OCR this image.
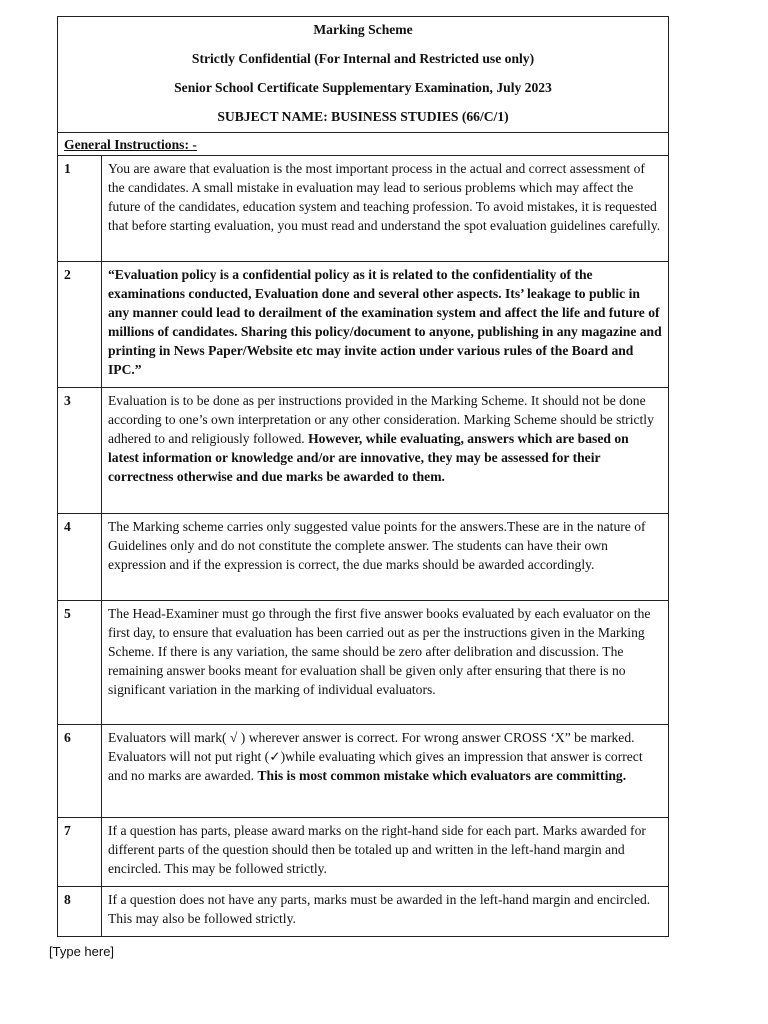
Marking Scheme

Strictly Confidential (For Internal and Restricted use only)

Senior School Certificate Supplementary Examination, July 2023

SUBJECT NAME: BUSINESS STUDIES (66/C/1)	

General Instructions: -	
1	You are aware that evaluation is the most important process in the actual and correct assessment of the candidates. A small mistake in evaluation may lead to serious problems which may affect the future of the candidates, education system and teaching profession. To avoid mistakes, it is requested that before starting evaluation, you must read and understand the spot evaluation guidelines carefully.
2	“Evaluation policy is a confidential policy as it is related to the confidentiality of the examinations conducted, Evaluation done and several other aspects. Its’ leakage to public in any manner could lead to derailment of the examination system and affect the life and future of millions of candidates. Sharing this policy/document to anyone, publishing in any magazine and printing in News Paper/Website etc may invite action under various rules of the Board and IPC.”
3	Evaluation is to be done as per instructions provided in the Marking Scheme. It should not be done according to one’s own interpretation or any other consideration. Marking Scheme should be strictly adhered to and religiously followed. However, while evaluating, answers which are based on latest information or knowledge and/or are innovative, they may be assessed for their correctness otherwise and due marks be awarded to them.
4	The Marking scheme carries only suggested value points for the answers.These are in the nature of Guidelines only and do not constitute the complete answer. The students can have their own expression and if the expression is correct, the due marks should be awarded accordingly.
5	The Head-Examiner must go through the first five answer books evaluated by each evaluator on the first day, to ensure that evaluation has been carried out as per the instructions given in the Marking Scheme. If there is any variation, the same should be zero after delibration and discussion. The remaining answer books meant for evaluation shall be given only after ensuring that there is no significant variation in the marking of individual evaluators.
6	Evaluators will mark( √ ) wherever answer is correct. For wrong answer CROSS ‘X” be marked. Evaluators will not put right (✓)while evaluating which gives an impression that answer is correct and no marks are awarded. This is most common mistake which evaluators are committing.
7	If a question has parts, please award marks on the right-hand side for each part. Marks awarded for different parts of the question should then be totaled up and written in the left-hand margin and encircled. This may be followed strictly.
8	If a question does not have any parts, marks must be awarded in the left-hand margin and encircled. This may also be followed strictly.
[Type here]
